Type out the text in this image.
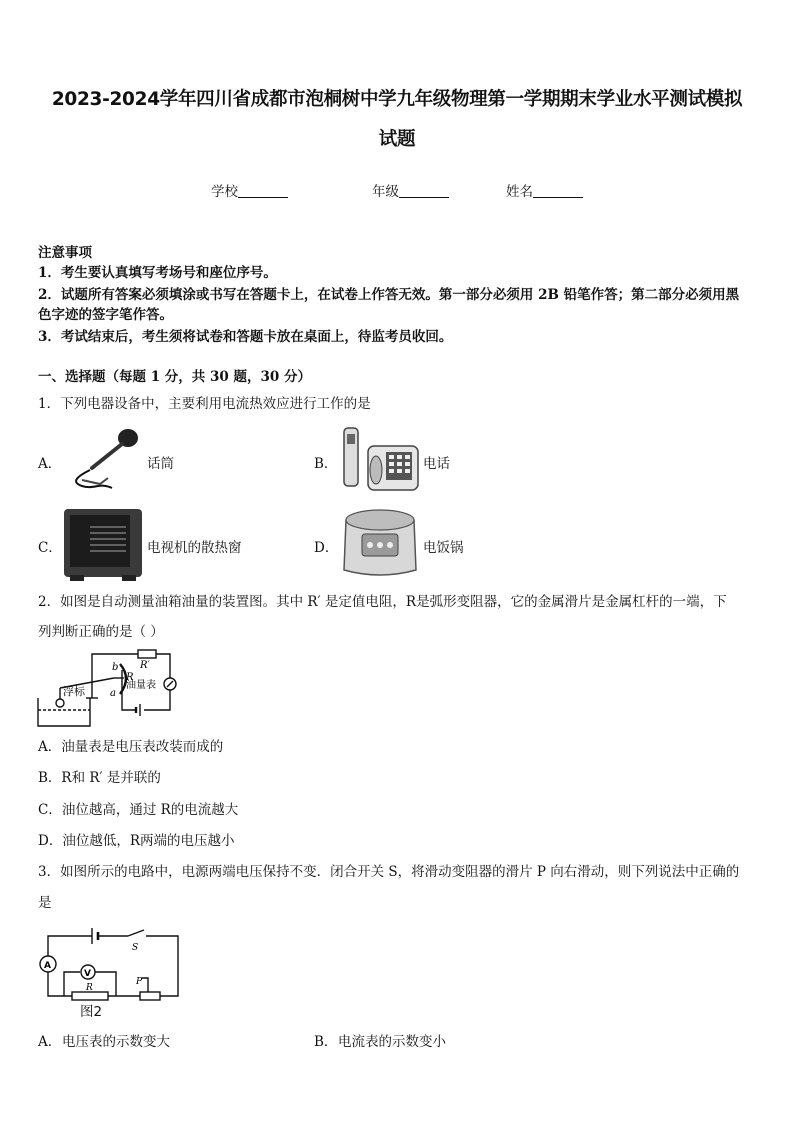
2023-2024学年四川省成都市泡桐树中学九年级物理第一学期期末学业水平测试模拟
试题
学校	年级	姓名
注意事项
1．考生要认真填写考场号和座位序号。
2．试题所有答案必须填涂或书写在答题卡上，在试卷上作答无效。第一部分必须用 2B 铅笔作答；第二部分必须用黑
色字迹的签字笔作答。
3．考试结束后，考生须将试卷和答题卡放在桌面上，待监考员收回。
一、选择题（每题 1 分，共 30 题，30 分）
1．下列电器设备中，主要利用电流热效应进行工作的是
A．	话筒	B．	电话
C．	电视机的散热窗	D．	电饭锅
2．如图是自动测量油箱油量的装置图。其中 R′ 是定值电阻，R是弧形变阻器，它的金属滑片是金属杠杆的一端，下
列判断正确的是（ ）
浮标	油量表
R′
R
b
a
A．油量表是电压表改装而成的
B．R和 R′ 是并联的
C．油位越高，通过 R的电流越大
D．油位越低，R两端的电压越小
3．如图所示的电路中，电源两端电压保持不变．闭合开关 S，将滑动变阻器的滑片 P 向右滑动，则下列说法中正确的
是
A
V
S
R
P
图2
A． 电压表的示数变大	B． 电流表的示数变小
